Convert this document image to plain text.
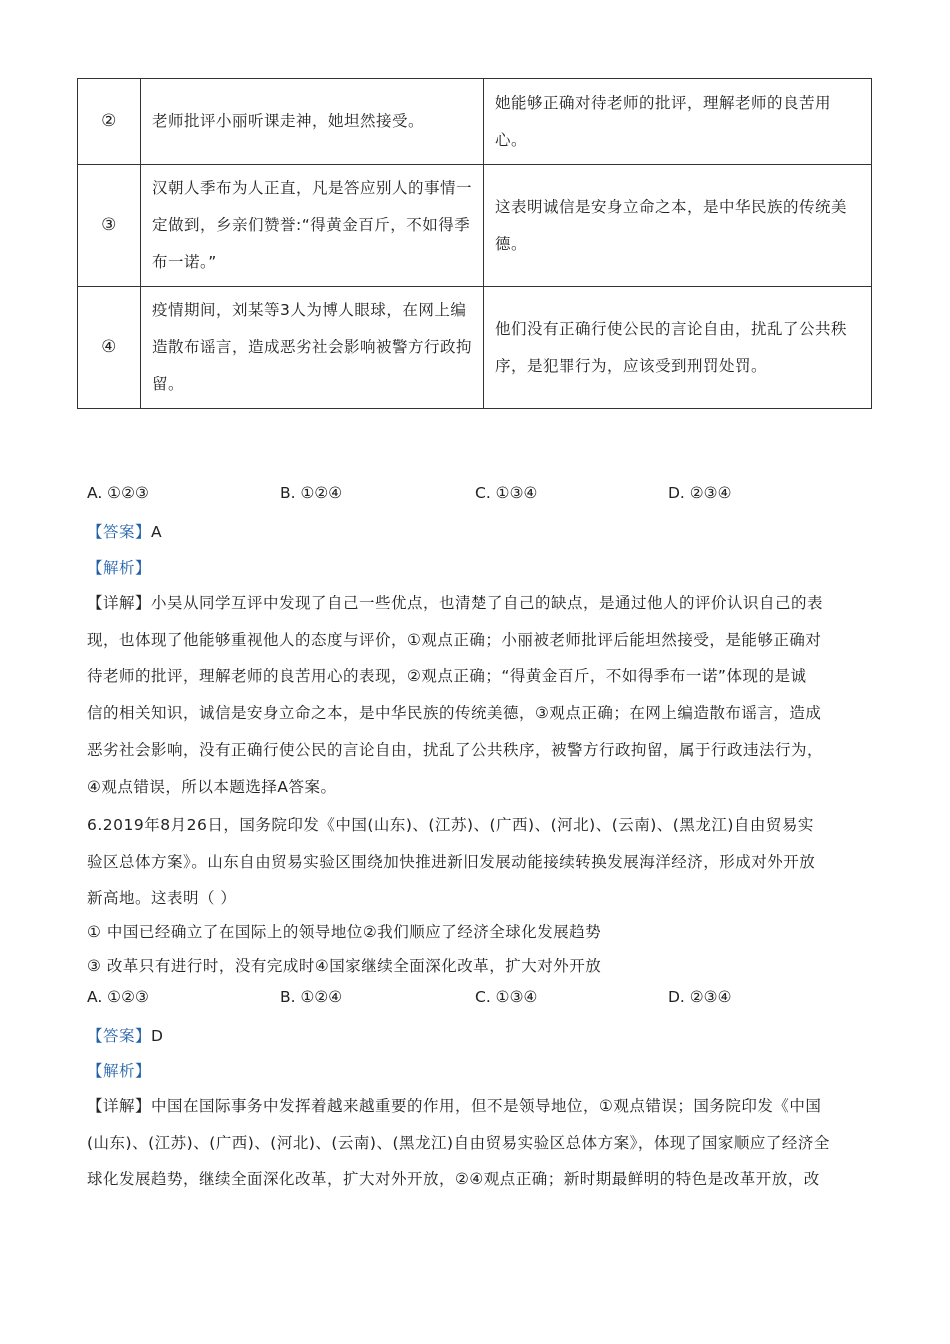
②	老师批评小丽听课走神，她坦然接受。	她能够正确对待老师的批评，理解老师的良苦用心。
③	汉朝人季布为人正直，凡是答应别人的事情一定做到，乡亲们赞誉:“得黄金百斤，不如得季布一诺。”	这表明诚信是安身立命之本，是中华民族的传统美德。
④	疫情期间，刘某等3人为博人眼球，在网上编造散布谣言，造成恶劣社会影响被警方行政拘留。	他们没有正确行使公民的言论自由，扰乱了公共秩序，是犯罪行为，应该受到刑罚处罚。
A. ①②③	B. ①②④	C. ①③④	D. ②③④
【答案】A
【解析】
【详解】小吴从同学互评中发现了自己一些优点，也清楚了自己的缺点，是通过他人的评价认识自己的表
现，也体现了他能够重视他人的态度与评价，①观点正确；小丽被老师批评后能坦然接受，是能够正确对
待老师的批评，理解老师的良苦用心的表现，②观点正确；“得黄金百斤，不如得季布一诺”体现的是诚
信的相关知识，诚信是安身立命之本，是中华民族的传统美德，③观点正确；在网上编造散布谣言，造成
恶劣社会影响，没有正确行使公民的言论自由，扰乱了公共秩序，被警方行政拘留，属于行政违法行为，
④观点错误，所以本题选择A答案。
6.2019年8月26日，国务院印发《中国(山东)、(江苏)、(广西)、(河北)、(云南)、(黑龙江)自由贸易实
验区总体方案》。山东自由贸易实验区围绕加快推进新旧发展动能接续转换发展海洋经济，形成对外开放
新高地。这表明（ ）
① 中国已经确立了在国际上的领导地位②我们顺应了经济全球化发展趋势
③ 改革只有进行时，没有完成时④国家继续全面深化改革，扩大对外开放
A. ①②③	B. ①②④	C. ①③④	D. ②③④
【答案】D
【解析】
【详解】中国在国际事务中发挥着越来越重要的作用，但不是领导地位，①观点错误；国务院印发《中国
(山东)、(江苏)、(广西)、(河北)、(云南)、(黑龙江)自由贸易实验区总体方案》，体现了国家顺应了经济全
球化发展趋势，继续全面深化改革，扩大对外开放，②④观点正确；新时期最鲜明的特色是改革开放，改
